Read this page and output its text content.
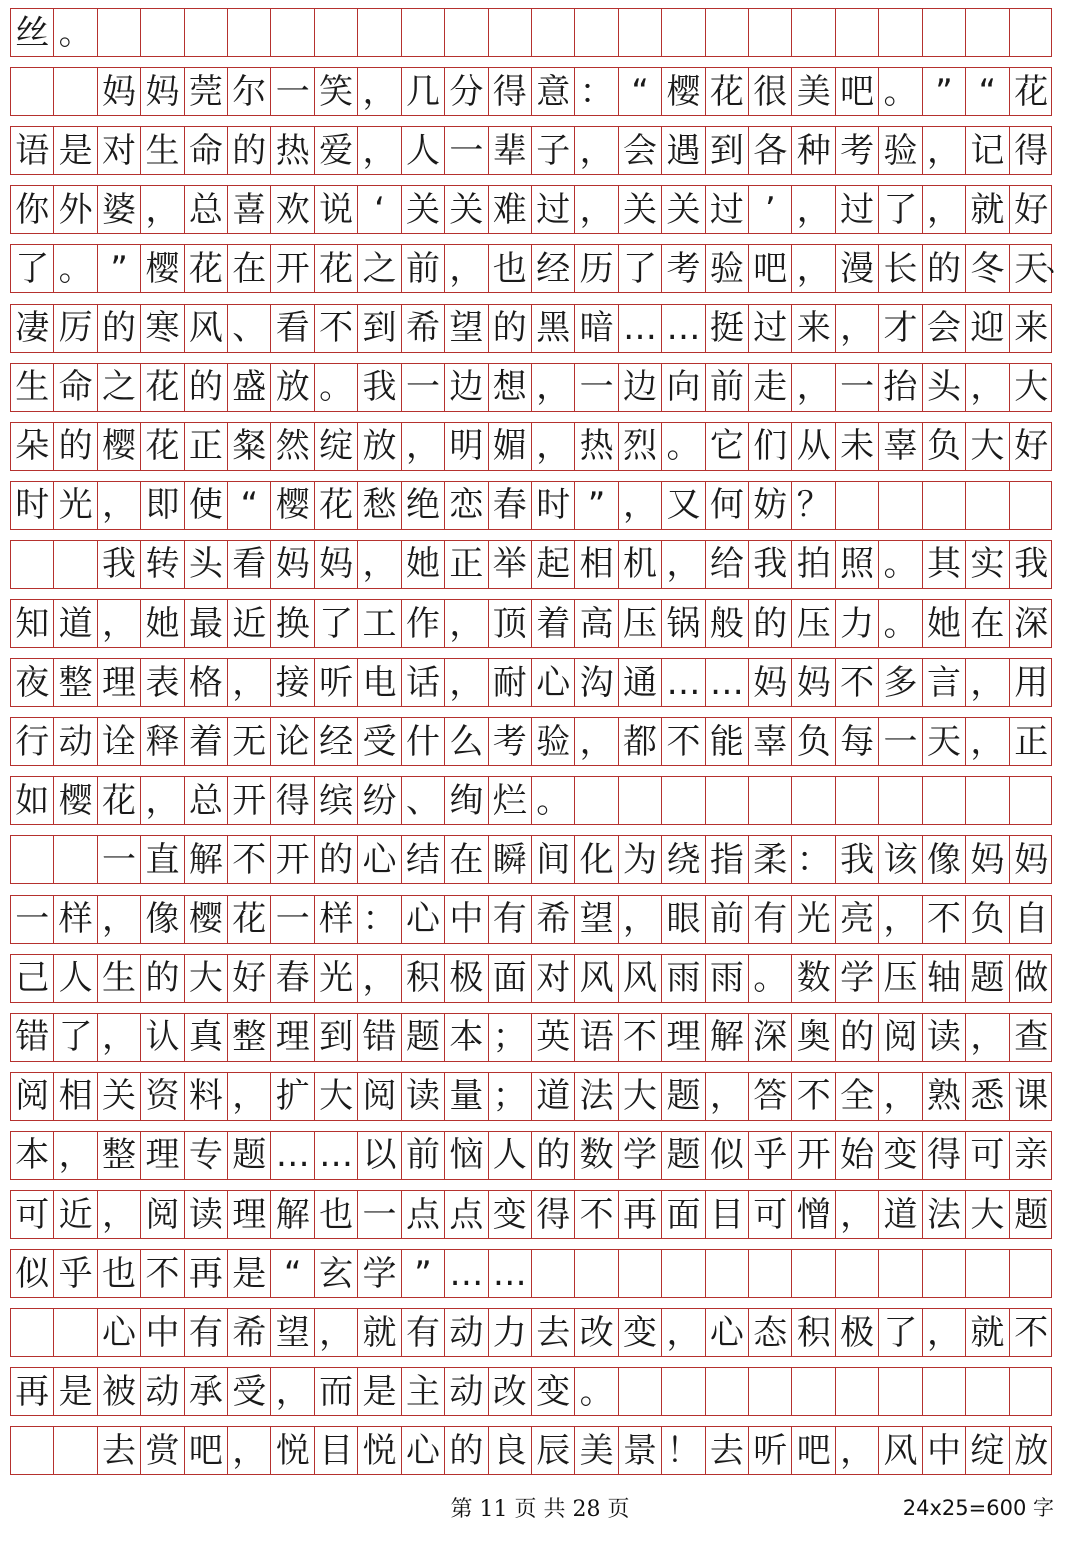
丝 。
妈 妈 莞 尔 一 笑 ， 几 分 得 意 ： “ 樱 花 很 美 吧 。 ” “ 花
语 是 对 生 命 的 热 爱 ， 人 一 辈 子 ， 会 遇 到 各 种 考 验 ， 记 得
你 外 婆 ， 总 喜 欢 说 ‘ 关 关 难 过 ， 关 关 过 ’ ， 过 了 ， 就 好
了 。 ” 樱 花 在 开 花 之 前 ， 也 经 历 了 考 验 吧 ， 漫 长 的 冬 天
凄 厉 的 寒 风 、 看 不 到 希 望 的 黑 暗 … … 挺 过 来 ， 才 会 迎 来
生 命 之 花 的 盛 放 。 我 一 边 想 ， 一 边 向 前 走 ， 一 抬 头 ， 大
朵 的 樱 花 正 粲 然 绽 放 ， 明 媚 ， 热 烈 。 它 们 从 未 辜 负 大 好
时 光 ， 即 使 “ 樱 花 愁 绝 恋 春 时 ” ， 又 何 妨 ？
我 转 头 看 妈 妈 ， 她 正 举 起 相 机 ， 给 我 拍 照 。 其 实 我
知 道 ， 她 最 近 换 了 工 作 ， 顶 着 高 压 锅 般 的 压 力 。 她 在 深
夜 整 理 表 格 ， 接 听 电 话 ， 耐 心 沟 通 … … 妈 妈 不 多 言 ， 用
行 动 诠 释 着 无 论 经 受 什 么 考 验 ， 都 不 能 辜 负 每 一 天 ， 正
如 樱 花 ， 总 开 得 缤 纷 、 绚 烂 。
一 直 解 不 开 的 心 结 在 瞬 间 化 为 绕 指 柔 ： 我 该 像 妈 妈
一 样 ， 像 樱 花 一 样 ： 心 中 有 希 望 ， 眼 前 有 光 亮 ， 不 负 自
己 人 生 的 大 好 春 光 ， 积 极 面 对 风 风 雨 雨 。 数 学 压 轴 题 做
错 了 ， 认 真 整 理 到 错 题 本 ； 英 语 不 理 解 深 奥 的 阅 读 ， 查
阅 相 关 资 料 ， 扩 大 阅 读 量 ； 道 法 大 题 ， 答 不 全 ， 熟 悉 课
本 ， 整 理 专 题 … … 以 前 恼 人 的 数 学 题 似 乎 开 始 变 得 可 亲
可 近 ， 阅 读 理 解 也 一 点 点 变 得 不 再 面 目 可 憎 ， 道 法 大 题
似 乎 也 不 再 是 “ 玄 学 ” … …
心 中 有 希 望 ， 就 有 动 力 去 改 变 ， 心 态 积 极 了 ， 就 不
再 是 被 动 承 受 ， 而 是 主 动 改 变 。
去 赏 吧 ， 悦 目 悦 心 的 良 辰 美 景 ！ 去 听 吧 ， 风 中 绽 放
第 11 页 共 28 页	24x25=600 字
、
